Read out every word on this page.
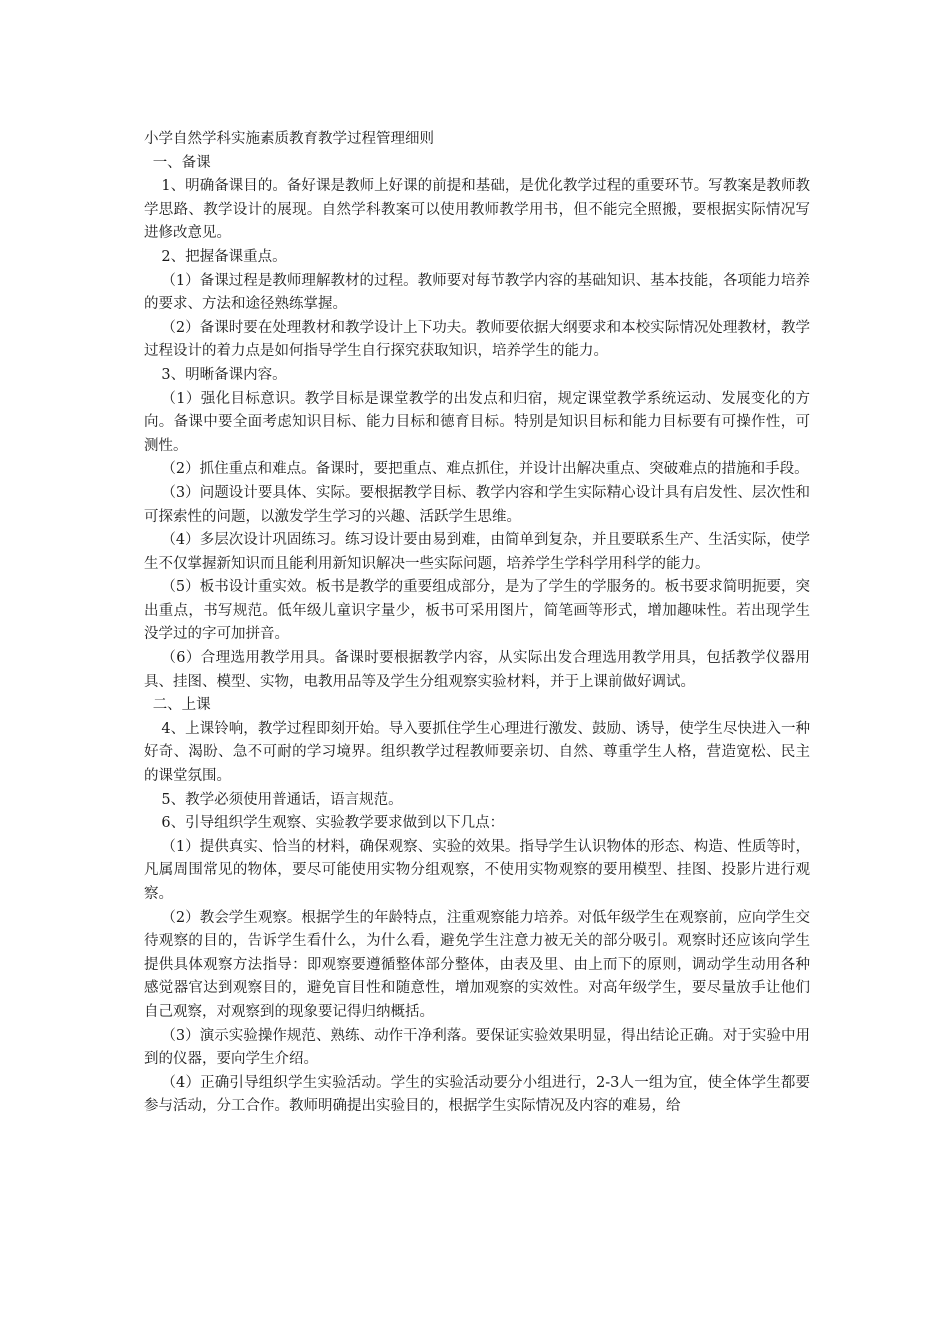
小学自然学科实施素质教育教学过程管理细则

一、备课

1、明确备课目的。备好课是教师上好课的前提和基础，是优化教学过程的重要环节。写教案是教师教学思路、教学设计的展现。自然学科教案可以使用教师教学用书，但不能完全照搬，要根据实际情况写进修改意见。

2、把握备课重点。

（1）备课过程是教师理解教材的过程。教师要对每节教学内容的基础知识、基本技能，各项能力培养的要求、方法和途径熟练掌握。

（2）备课时要在处理教材和教学设计上下功夫。教师要依据大纲要求和本校实际情况处理教材，教学过程设计的着力点是如何指导学生自行探究获取知识，培养学生的能力。

3、明晰备课内容。

（1）强化目标意识。教学目标是课堂教学的出发点和归宿，规定课堂教学系统运动、发展变化的方向。备课中要全面考虑知识目标、能力目标和德育目标。特别是知识目标和能力目标要有可操作性，可测性。

（2）抓住重点和难点。备课时，要把重点、难点抓住，并设计出解决重点、突破难点的措施和手段。

（3）问题设计要具体、实际。要根据教学目标、教学内容和学生实际精心设计具有启发性、层次性和可探索性的问题，以激发学生学习的兴趣、活跃学生思维。

（4）多层次设计巩固练习。练习设计要由易到难，由简单到复杂，并且要联系生产、生活实际，使学生不仅掌握新知识而且能利用新知识解决一些实际问题，培养学生学科学用科学的能力。

（5）板书设计重实效。板书是教学的重要组成部分，是为了学生的学服务的。板书要求简明扼要，突出重点，书写规范。低年级儿童识字量少，板书可采用图片，简笔画等形式，增加趣味性。若出现学生没学过的字可加拼音。

（6）合理选用教学用具。备课时要根据教学内容，从实际出发合理选用教学用具，包括教学仪器用具、挂图、模型、实物，电教用品等及学生分组观察实验材料，并于上课前做好调试。

二、上课

4、上课铃响，教学过程即刻开始。导入要抓住学生心理进行激发、鼓励、诱导，使学生尽快进入一种好奇、渴盼、急不可耐的学习境界。组织教学过程教师要亲切、自然、尊重学生人格，营造宽松、民主的课堂氛围。

5、教学必须使用普通话，语言规范。

6、引导组织学生观察、实验教学要求做到以下几点：

（1）提供真实、恰当的材料，确保观察、实验的效果。指导学生认识物体的形态、构造、性质等时，凡属周围常见的物体，要尽可能使用实物分组观察，不使用实物观察的要用模型、挂图、投影片进行观察。

（2）教会学生观察。根据学生的年龄特点，注重观察能力培养。对低年级学生在观察前，应向学生交待观察的目的，告诉学生看什么，为什么看，避免学生注意力被无关的部分吸引。观察时还应该向学生提供具体观察方法指导：即观察要遵循整体部分整体，由表及里、由上而下的原则，调动学生动用各种感觉器官达到观察目的，避免盲目性和随意性，增加观察的实效性。对高年级学生，要尽量放手让他们自己观察，对观察到的现象要记得归纳概括。

（3）演示实验操作规范、熟练、动作干净利落。要保证实验效果明显，得出结论正确。对于实验中用到的仪器，要向学生介绍。

（4）正确引导组织学生实验活动。学生的实验活动要分小组进行，2-3人一组为宜，使全体学生都要参与活动，分工合作。教师明确提出实验目的，根据学生实际情况及内容的难易，给
